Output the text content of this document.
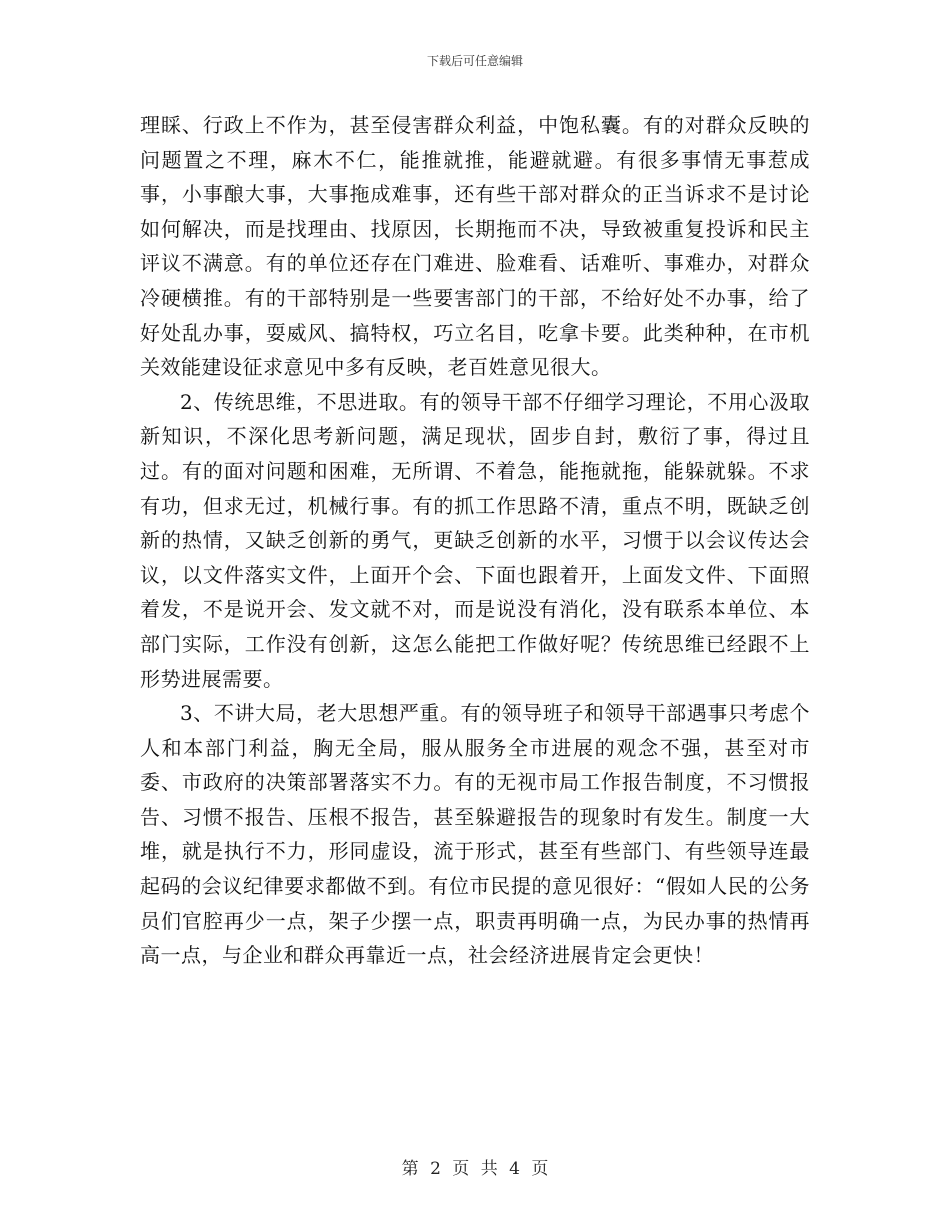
下载后可任意编辑

理睬、行政上不作为，甚至侵害群众利益，中饱私囊。有的对群众反映的问题置之不理，麻木不仁，能推就推，能避就避。有很多事情无事惹成事，小事酿大事，大事拖成难事，还有些干部对群众的正当诉求不是讨论如何解决，而是找理由、找原因，长期拖而不决，导致被重复投诉和民主评议不满意。有的单位还存在门难进、脸难看、话难听、事难办，对群众冷硬横推。有的干部特别是一些要害部门的干部，不给好处不办事，给了好处乱办事，耍威风、搞特权，巧立名目，吃拿卡要。此类种种，在市机关效能建设征求意见中多有反映，老百姓意见很大。

2、传统思维，不思进取。有的领导干部不仔细学习理论，不用心汲取新知识，不深化思考新问题，满足现状，固步自封，敷衍了事，得过且过。有的面对问题和困难，无所谓、不着急，能拖就拖，能躲就躲。不求有功，但求无过，机械行事。有的抓工作思路不清，重点不明，既缺乏创新的热情，又缺乏创新的勇气，更缺乏创新的水平，习惯于以会议传达会议，以文件落实文件，上面开个会、下面也跟着开，上面发文件、下面照着发，不是说开会、发文就不对，而是说没有消化，没有联系本单位、本部门实际，工作没有创新，这怎么能把工作做好呢？传统思维已经跟不上形势进展需要。

3、不讲大局，老大思想严重。有的领导班子和领导干部遇事只考虑个人和本部门利益，胸无全局，服从服务全市进展的观念不强，甚至对市委、市政府的决策部署落实不力。有的无视市局工作报告制度，不习惯报告、习惯不报告、压根不报告，甚至躲避报告的现象时有发生。制度一大堆，就是执行不力，形同虚设，流于形式，甚至有些部门、有些领导连最起码的会议纪律要求都做不到。有位市民提的意见很好：“假如人民的公务员们官腔再少一点，架子少摆一点，职责再明确一点，为民办事的热情再高一点，与企业和群众再靠近一点，社会经济进展肯定会更快！

第 2 页 共 4 页
